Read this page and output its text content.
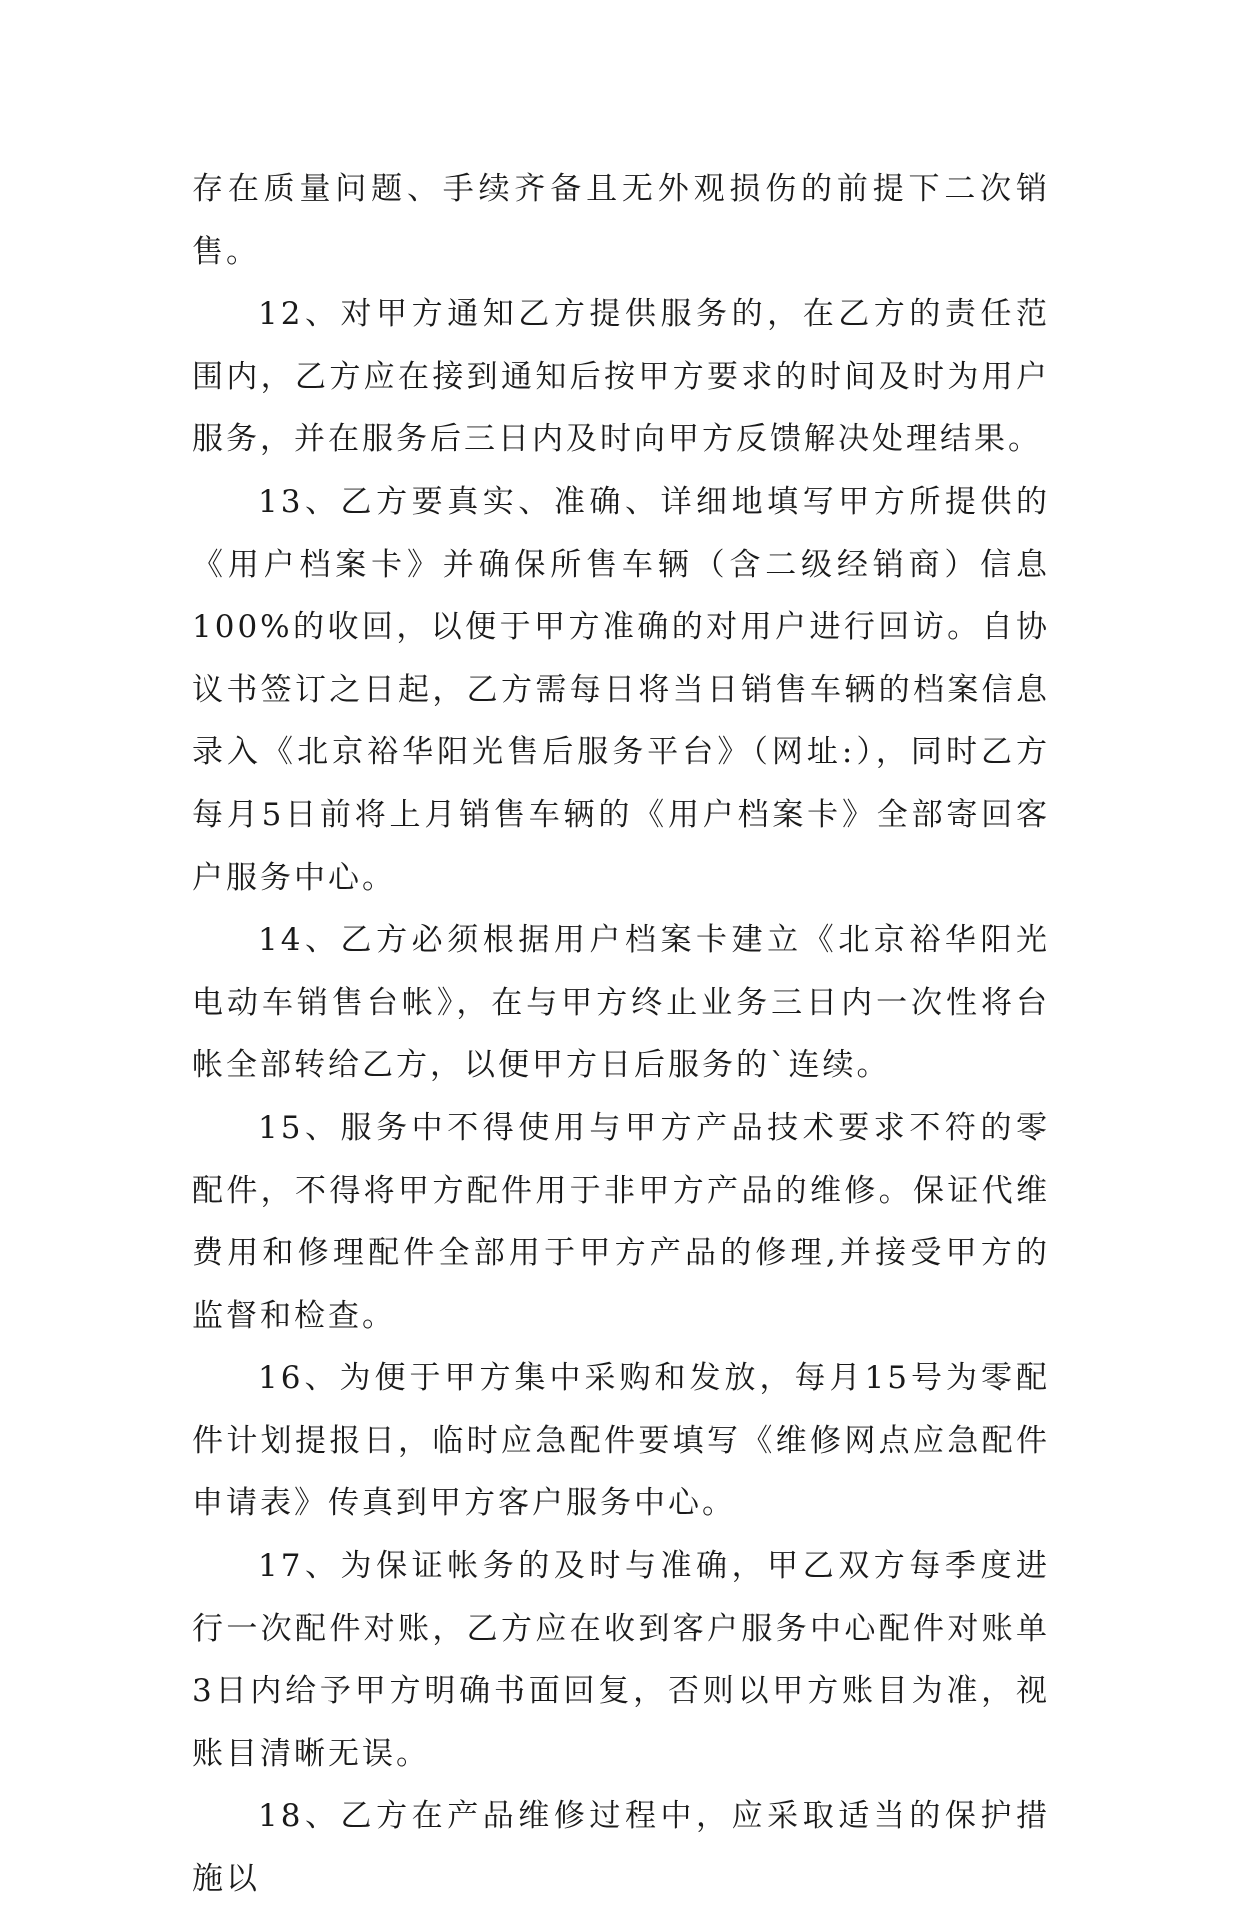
存在质量问题、手续齐备且无外观损伤的前提下二次销售。

12、对甲方通知乙方提供服务的，在乙方的责任范围内，乙方应在接到通知后按甲方要求的时间及时为用户服务，并在服务后三日内及时向甲方反馈解决处理结果。

13、乙方要真实、准确、详细地填写甲方所提供的《用户档案卡》并确保所售车辆（含二级经销商）信息100%的收回，以便于甲方准确的对用户进行回访。自协议书签订之日起，乙方需每日将当日销售车辆的档案信息录入《北京裕华阳光售后服务平台》（网址:），同时乙方每月5日前将上月销售车辆的《用户档案卡》全部寄回客户服务中心。

14、乙方必须根据用户档案卡建立《北京裕华阳光电动车销售台帐》，在与甲方终止业务三日内一次性将台帐全部转给乙方，以便甲方日后服务的`连续。

15、服务中不得使用与甲方产品技术要求不符的零配件，不得将甲方配件用于非甲方产品的维修。保证代维费用和修理配件全部用于甲方产品的修理,并接受甲方的监督和检查。

16、为便于甲方集中采购和发放，每月15号为零配件计划提报日，临时应急配件要填写《维修网点应急配件申请表》传真到甲方客户服务中心。

17、为保证帐务的及时与准确，甲乙双方每季度进行一次配件对账，乙方应在收到客户服务中心配件对账单3日内给予甲方明确书面回复，否则以甲方账目为准，视账目清晰无误。

18、乙方在产品维修过程中，应采取适当的保护措施以
